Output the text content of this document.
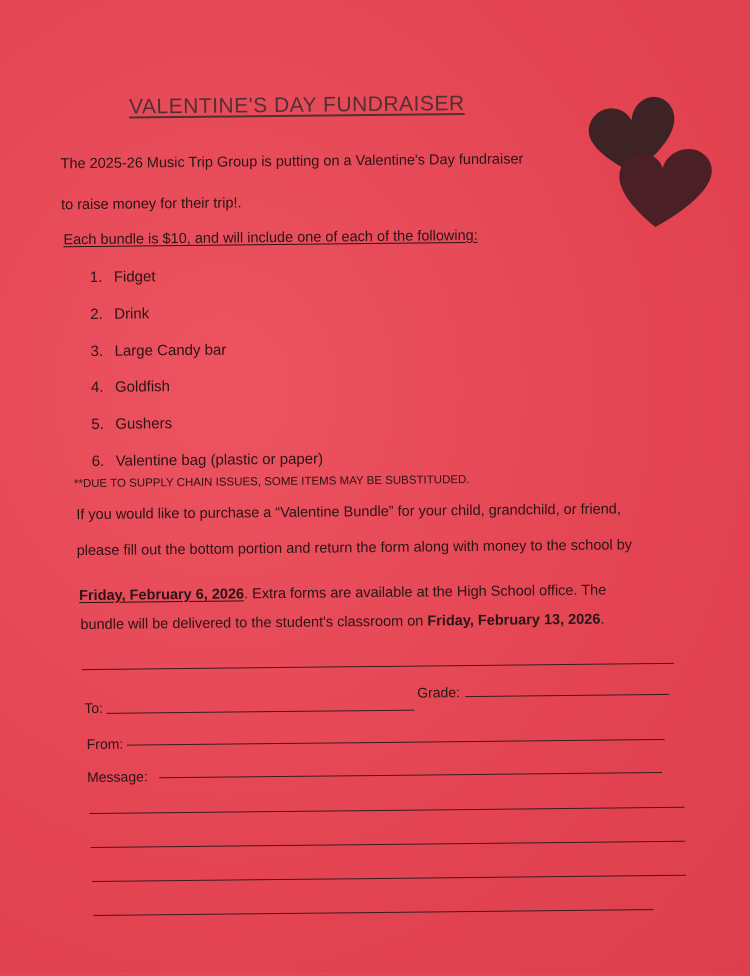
VALENTINE'S DAY FUNDRAISER
The 2025-26 Music Trip Group is putting on a Valentine's Day fundraiser
to raise money for their trip!.
Each bundle is $10, and will include one of each of the following:
1. Fidget
2. Drink
3. Large Candy bar
4. Goldfish
5. Gushers
6. Valentine bag (plastic or paper)
**DUE TO SUPPLY CHAIN ISSUES, SOME ITEMS MAY BE SUBSTITUDED.
If you would like to purchase a “Valentine Bundle” for your child, grandchild, or friend,
please fill out the bottom portion and return the form along with money to the school by
Friday, February 6, 2026. Extra forms are available at the High School office. The
bundle will be delivered to the student's classroom on Friday, February 13, 2026.
To:
Grade:
From:
Message:
